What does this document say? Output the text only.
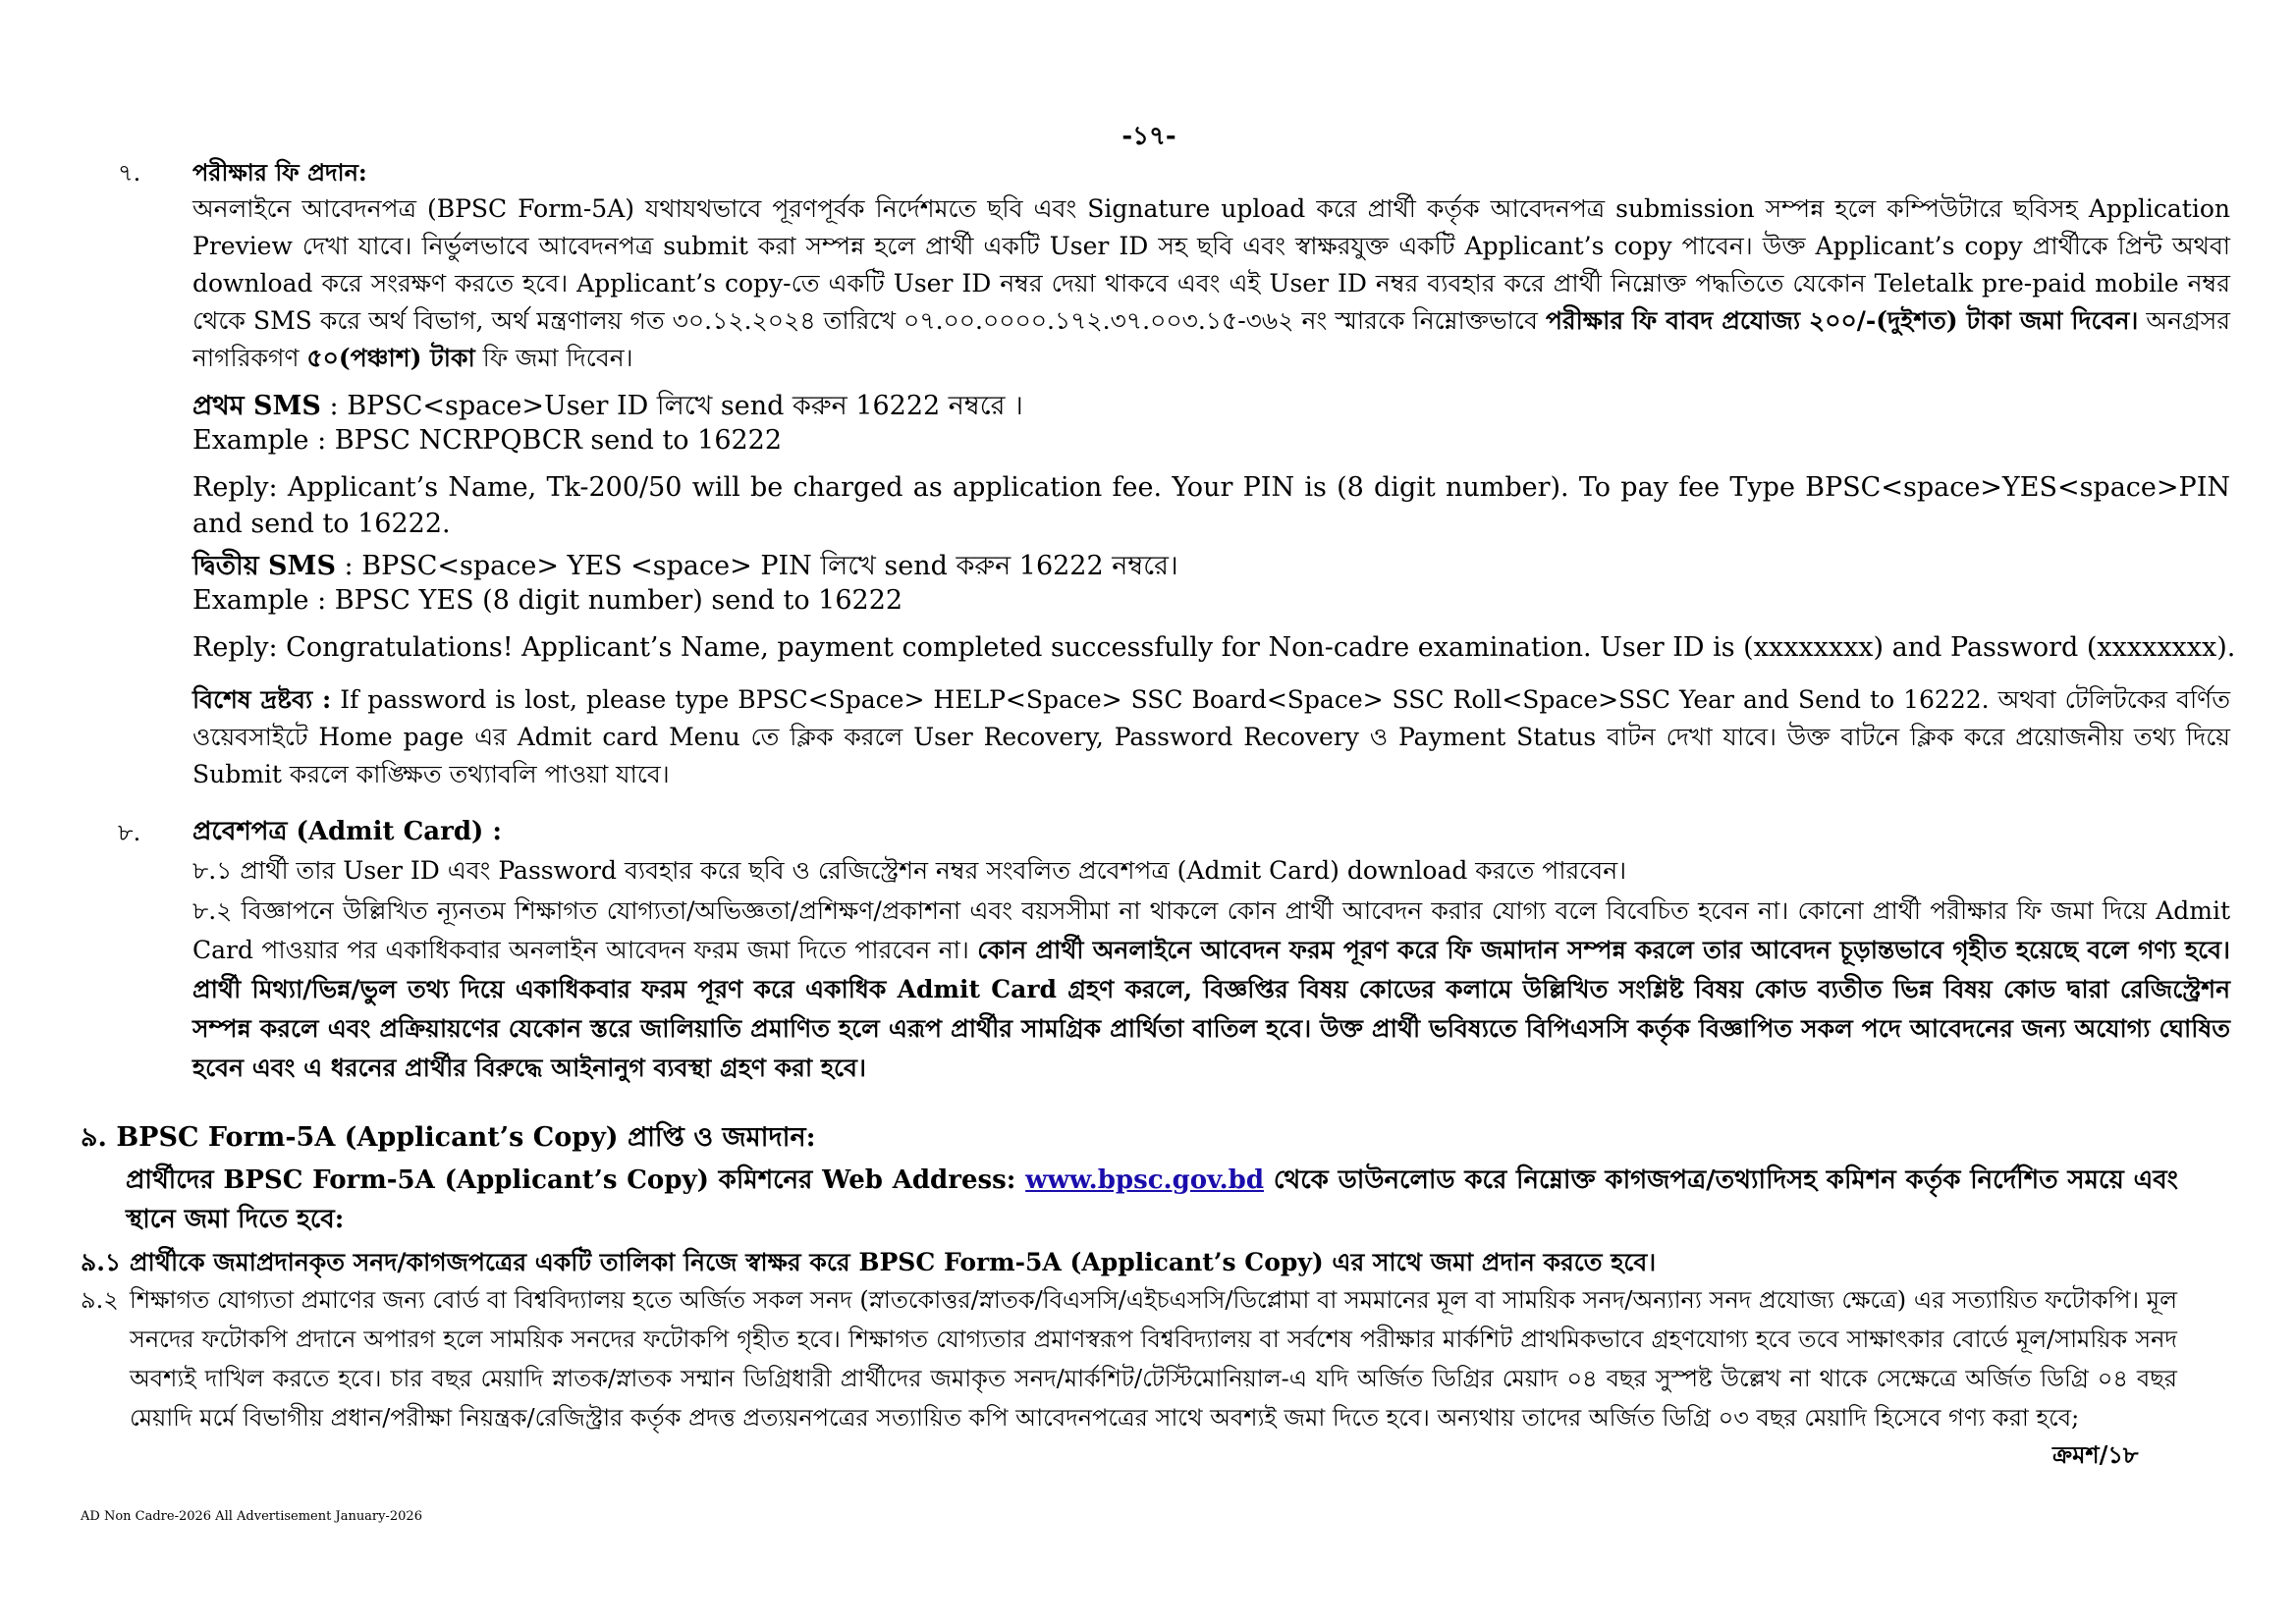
-১৭-
৭. পরীক্ষার ফি প্রদান:
অনলাইনে আবেদনপত্র (BPSC Form-5A) যথাযথভাবে পূরণপূর্বক নির্দেশমতে ছবি এবং Signature upload করে প্রার্থী কর্তৃক আবেদনপত্র submission সম্পন্ন হলে কম্পিউটারে ছবিসহ Application Preview দেখা যাবে। নির্ভুলভাবে আবেদনপত্র submit করা সম্পন্ন হলে প্রার্থী একটি User ID সহ ছবি এবং স্বাক্ষরযুক্ত একটি Applicant’s copy পাবেন। উক্ত Applicant’s copy প্রার্থীকে প্রিন্ট অথবা download করে সংরক্ষণ করতে হবে। Applicant’s copy-তে একটি User ID নম্বর দেয়া থাকবে এবং এই User ID নম্বর ব্যবহার করে প্রার্থী নিম্নোক্ত পদ্ধতিতে যেকোন Teletalk pre-paid mobile নম্বর থেকে SMS করে অর্থ বিভাগ, অর্থ মন্ত্রণালয় গত ৩০.১২.২০২৪ তারিখে ০৭.০০.০০০০.১৭২.৩৭.০০৩.১৫-৩৬২ নং স্মারকে নিম্নোক্তভাবে পরীক্ষার ফি বাবদ প্রযোজ্য ২০০/-(দুইশত) টাকা জমা দিবেন। অনগ্রসর নাগরিকগণ ৫০(পঞ্চাশ) টাকা ফি জমা দিবেন।
প্রথম SMS : BPSC<space>User ID লিখে send করুন 16222 নম্বরে ।
Example : BPSC NCRPQBCR send to 16222
Reply: Applicant’s Name, Tk-200/50 will be charged as application fee. Your PIN is (8 digit number). To pay fee Type BPSC<space>YES<space>PIN and send to 16222.
দ্বিতীয় SMS : BPSC<space> YES <space> PIN লিখে send করুন 16222 নম্বরে।
Example : BPSC YES (8 digit number) send to 16222
Reply: Congratulations! Applicant’s Name, payment completed successfully for Non-cadre examination. User ID is (xxxxxxxx) and Password (xxxxxxxx).
বিশেষ দ্রষ্টব্য : If password is lost, please type BPSC<Space> HELP<Space> SSC Board<Space> SSC Roll<Space>SSC Year and Send to 16222. অথবা টেলিটকের বর্ণিত ওয়েবসাইটে Home page এর Admit card Menu তে ক্লিক করলে User Recovery, Password Recovery ও Payment Status বাটন দেখা যাবে। উক্ত বাটনে ক্লিক করে প্রয়োজনীয় তথ্য দিয়ে Submit করলে কাঙ্ক্ষিত তথ্যাবলি পাওয়া যাবে।
৮. প্রবেশপত্র (Admit Card) :
৮.১ প্রার্থী তার User ID এবং Password ব্যবহার করে ছবি ও রেজিস্ট্রেশন নম্বর সংবলিত প্রবেশপত্র (Admit Card) download করতে পারবেন।
৮.২ বিজ্ঞাপনে উল্লিখিত ন্যূনতম শিক্ষাগত যোগ্যতা/অভিজ্ঞতা/প্রশিক্ষণ/প্রকাশনা এবং বয়সসীমা না থাকলে কোন প্রার্থী আবেদন করার যোগ্য বলে বিবেচিত হবেন না। কোনো প্রার্থী পরীক্ষার ফি জমা দিয়ে Admit Card পাওয়ার পর একাধিকবার অনলাইন আবেদন ফরম জমা দিতে পারবেন না। কোন প্রার্থী অনলাইনে আবেদন ফরম পূরণ করে ফি জমাদান সম্পন্ন করলে তার আবেদন চূড়ান্তভাবে গৃহীত হয়েছে বলে গণ্য হবে। প্রার্থী মিথ্যা/ভিন্ন/ভুল তথ্য দিয়ে একাধিকবার ফরম পূরণ করে একাধিক Admit Card গ্রহণ করলে, বিজ্ঞপ্তির বিষয় কোডের কলামে উল্লিখিত সংশ্লিষ্ট বিষয় কোড ব্যতীত ভিন্ন বিষয় কোড দ্বারা রেজিস্ট্রেশন সম্পন্ন করলে এবং প্রক্রিয়ায়ণের যেকোন স্তরে জালিয়াতি প্রমাণিত হলে এরূপ প্রার্থীর সামগ্রিক প্রার্থিতা বাতিল হবে। উক্ত প্রার্থী ভবিষ্যতে বিপিএসসি কর্তৃক বিজ্ঞাপিত সকল পদে আবেদনের জন্য অযোগ্য ঘোষিত হবেন এবং এ ধরনের প্রার্থীর বিরুদ্ধে আইনানুগ ব্যবস্থা গ্রহণ করা হবে।
৯. BPSC Form-5A (Applicant’s Copy) প্রাপ্তি ও জমাদান:
প্রার্থীদের BPSC Form-5A (Applicant’s Copy) কমিশনের Web Address: www.bpsc.gov.bd থেকে ডাউনলোড করে নিম্নোক্ত কাগজপত্র/তথ্যাদিসহ কমিশন কর্তৃক নির্দেশিত সময়ে এবং স্থানে জমা দিতে হবে:
৯.১ প্রার্থীকে জমাপ্রদানকৃত সনদ/কাগজপত্রের একটি তালিকা নিজে স্বাক্ষর করে BPSC Form-5A (Applicant’s Copy) এর সাথে জমা প্রদান করতে হবে।
৯.২ শিক্ষাগত যোগ্যতা প্রমাণের জন্য বোর্ড বা বিশ্ববিদ্যালয় হতে অর্জিত সকল সনদ (স্নাতকোত্তর/স্নাতক/বিএসসি/এইচএসসি/ডিপ্লোমা বা সমমানের মূল বা সাময়িক সনদ/অন্যান্য সনদ প্রযোজ্য ক্ষেত্রে) এর সত্যায়িত ফটোকপি। মূল সনদের ফটোকপি প্রদানে অপারগ হলে সাময়িক সনদের ফটোকপি গৃহীত হবে। শিক্ষাগত যোগ্যতার প্রমাণস্বরূপ বিশ্ববিদ্যালয় বা সর্বশেষ পরীক্ষার মার্কশিট প্রাথমিকভাবে গ্রহণযোগ্য হবে তবে সাক্ষাৎকার বোর্ডে মূল/সাময়িক সনদ অবশ্যই দাখিল করতে হবে। চার বছর মেয়াদি স্নাতক/স্নাতক সম্মান ডিগ্রিধারী প্রার্থীদের জমাকৃত সনদ/মার্কশিট/টেস্টিমোনিয়াল-এ যদি অর্জিত ডিগ্রির মেয়াদ ০৪ বছর সুস্পষ্ট উল্লেখ না থাকে সেক্ষেত্রে অর্জিত ডিগ্রি ০৪ বছর মেয়াদি মর্মে বিভাগীয় প্রধান/পরীক্ষা নিয়ন্ত্রক/রেজিস্ট্রার কর্তৃক প্রদত্ত প্রত্যয়নপত্রের সত্যায়িত কপি আবেদনপত্রের সাথে অবশ্যই জমা দিতে হবে। অন্যথায় তাদের অর্জিত ডিগ্রি ০৩ বছর মেয়াদি হিসেবে গণ্য করা হবে;
ক্রমশ/১৮
AD Non Cadre-2026 All Advertisement January-2026
